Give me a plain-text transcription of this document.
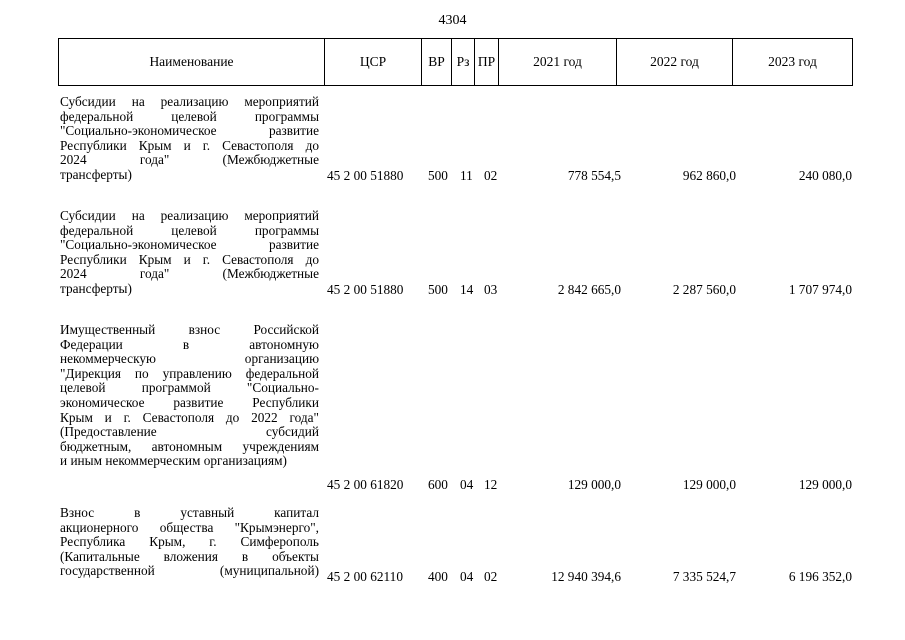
4304
Наименование	ЦСР	ВР Рз ПР	2021 год	2022 год	2023 год
Субсидии на реализацию мероприятий
федеральной целевой программы
"Социально-экономическое развитие
Республики Крым и г. Севастополя до
2024 года" (Межбюджетные
трансферты)	45 2 00 51880 500 11 02	778 554,5	962 860,0	240 080,0
Субсидии на реализацию мероприятий
федеральной целевой программы
"Социально-экономическое развитие
Республики Крым и г. Севастополя до
2024 года" (Межбюджетные
трансферты)	45 2 00 51880 500 14 03	2 842 665,0	2 287 560,0	1 707 974,0
Имущественный взнос Российской
Федерации в автономную
некоммерческую организацию
"Дирекция по управлению федеральной
целевой программой "Социально-
экономическое развитие Республики
Крым и г. Севастополя до 2022 года"
(Предоставление субсидий
бюджетным, автономным учреждениям
и иным некоммерческим организациям)
45 2 00 61820 600 04 12	129 000,0	129 000,0	129 000,0
Взнос в уставный капитал
акционерного общества "Крымэнерго",
Республика Крым, г. Симферополь
(Капитальные вложения в объекты
государственной (муниципальной) 45 2 00 62110 400 04 02	12 940 394,6	7 335 524,7	6 196 352,0
